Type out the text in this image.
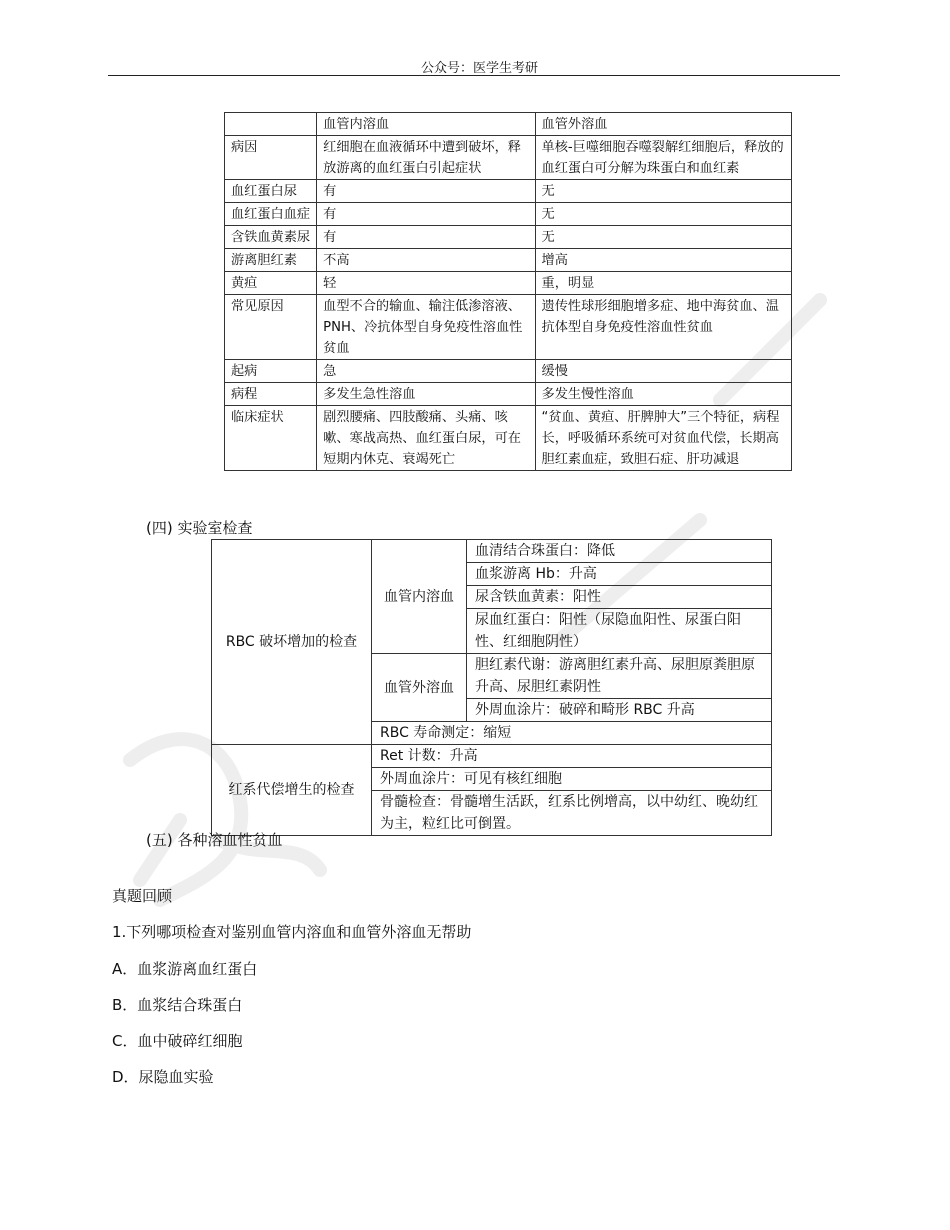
公众号：医学生考研
	血管内溶血	血管外溶血
病因	红细胞在血液循环中遭到破坏，释放游离的血红蛋白引起症状	单核-巨噬细胞吞噬裂解红细胞后，释放的血红蛋白可分解为珠蛋白和血红素
血红蛋白尿	有	无
血红蛋白血症	有	无
含铁血黄素尿	有	无
游离胆红素	不高	增高
黄疸	轻	重，明显
常见原因	血型不合的输血、输注低渗溶液、PNH、冷抗体型自身免疫性溶血性贫血	遗传性球形细胞增多症、地中海贫血、温抗体型自身免疫性溶血性贫血
起病	急	缓慢
病程	多发生急性溶血	多发生慢性溶血
临床症状	剧烈腰痛、四肢酸痛、头痛、咳嗽、寒战高热、血红蛋白尿，可在短期内休克、衰竭死亡	“贫血、黄疸、肝脾肿大”三个特征，病程长，呼吸循环系统可对贫血代偿，长期高胆红素血症，致胆石症、肝功减退
(四) 实验室检查
RBC 破坏增加的检查	血管内溶血	血清结合珠蛋白：降低
		血浆游离 Hb：升高
		尿含铁血黄素：阳性
		尿血红蛋白：阳性（尿隐血阳性、尿蛋白阳性、红细胞阴性）
	血管外溶血	胆红素代谢：游离胆红素升高、尿胆原粪胆原升高、尿胆红素阴性
		外周血涂片：破碎和畸形 RBC 升高
	RBC 寿命测定：缩短	
红系代偿增生的检查	Ret 计数：升高	
	外周血涂片：可见有核红细胞	
	骨髓检查：骨髓增生活跃，红系比例增高，以中幼红、晚幼红为主，粒红比可倒置。	
(五) 各种溶血性贫血
真题回顾
1.下列哪项检查对鉴别血管内溶血和血管外溶血无帮助
A．血浆游离血红蛋白
B．血浆结合珠蛋白
C．血中破碎红细胞
D．尿隐血实验
